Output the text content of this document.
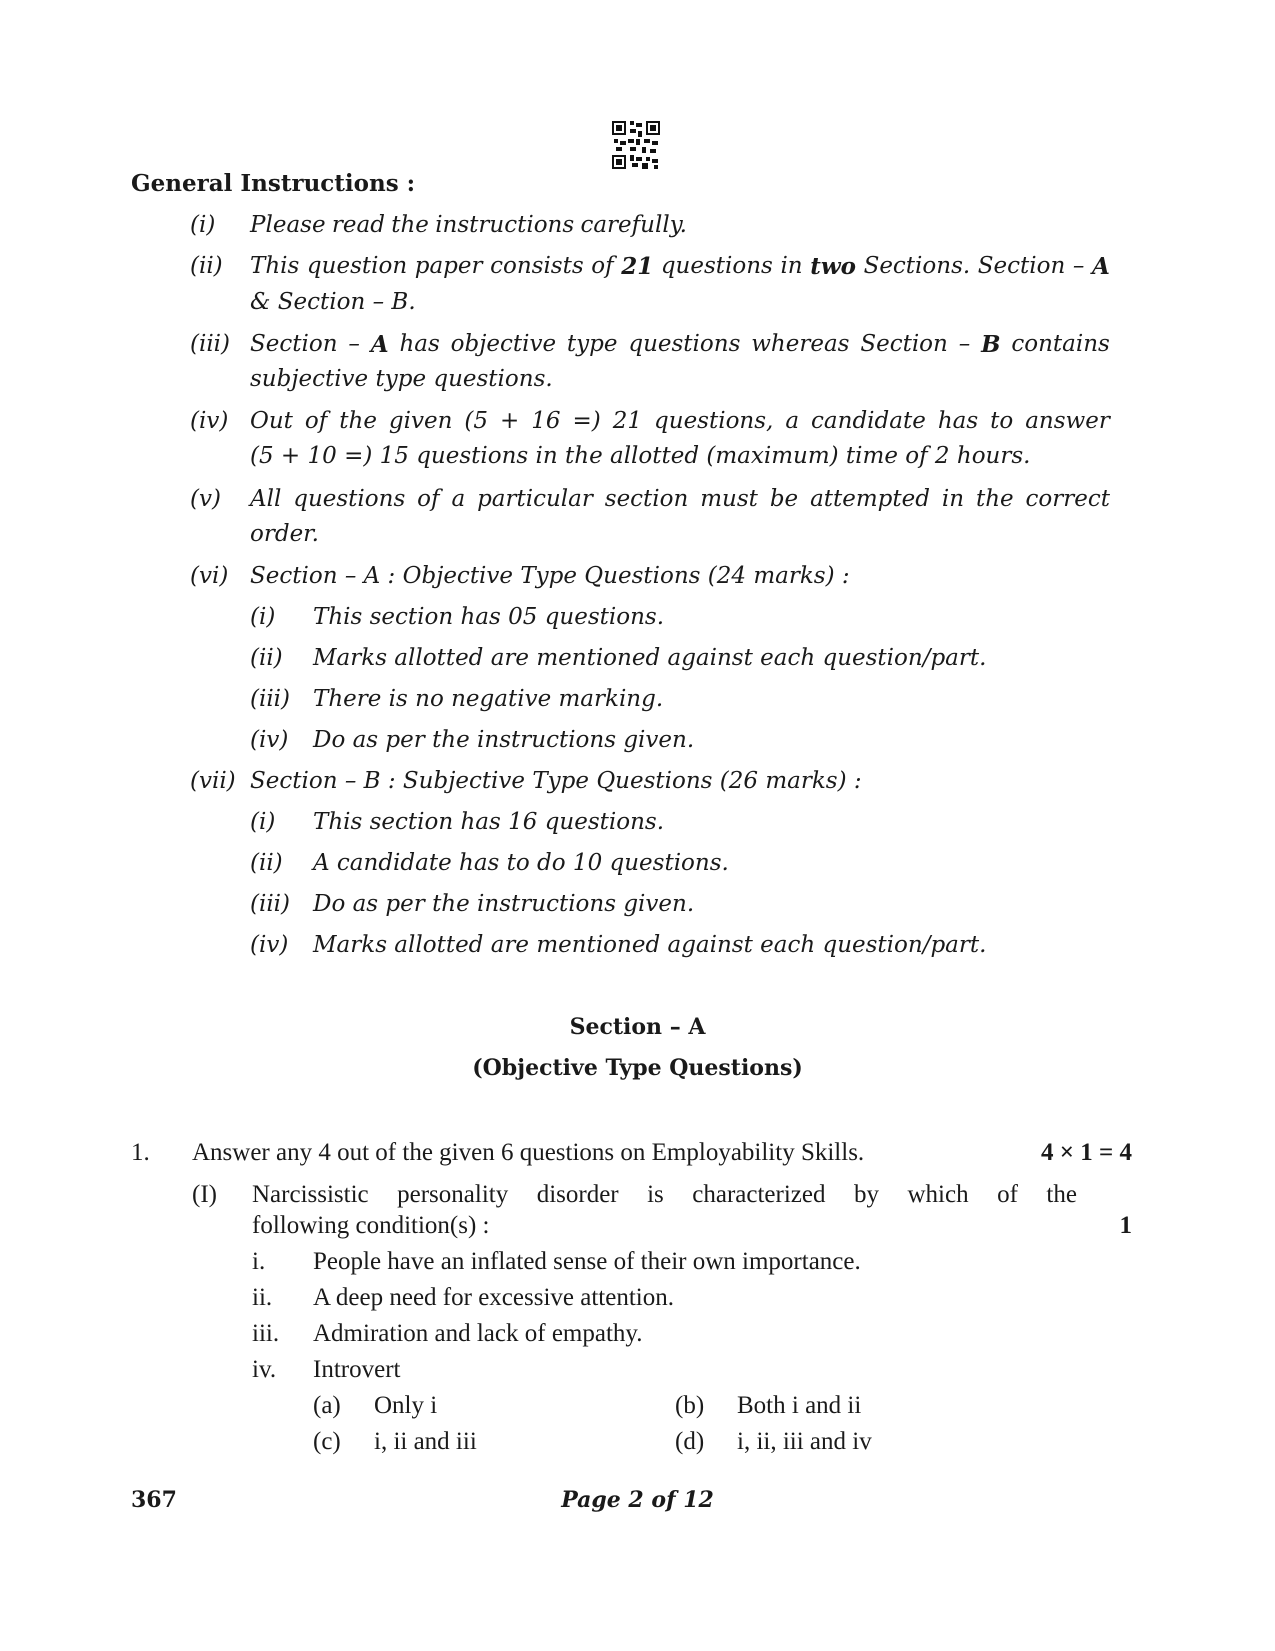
General Instructions :
(i) Please read the instructions carefully.
(ii) This question paper consists of 21 questions in two Sections. Section – A
& Section – B.
(iii) Section – A has objective type questions whereas Section – B contains
subjective type questions.
(iv) Out of the given (5 + 16 =) 21 questions, a candidate has to answer
(5 + 10 =) 15 questions in the allotted (maximum) time of 2 hours.
(v) All questions of a particular section must be attempted in the correct
order.
(vi) Section – A : Objective Type Questions (24 marks) :
(i) This section has 05 questions.
(ii) Marks allotted are mentioned against each question/part.
(iii) There is no negative marking.
(iv) Do as per the instructions given.
(vii) Section – B : Subjective Type Questions (26 marks) :
(i) This section has 16 questions.
(ii) A candidate has to do 10 questions.
(iii) Do as per the instructions given.
(iv) Marks allotted are mentioned against each question/part.
Section – A
(Objective Type Questions)
1. Answer any 4 out of the given 6 questions on Employability Skills.	4 × 1 = 4
(I) Narcissistic personality disorder is characterized by which of the
following condition(s) :	1
i. People have an inflated sense of their own importance.
ii. A deep need for excessive attention.
iii. Admiration and lack of empathy.
iv. Introvert
(a) Only i	(b) Both i and ii
(c) i, ii and iii	(d) i, ii, iii and iv
367	Page 2 of 12
